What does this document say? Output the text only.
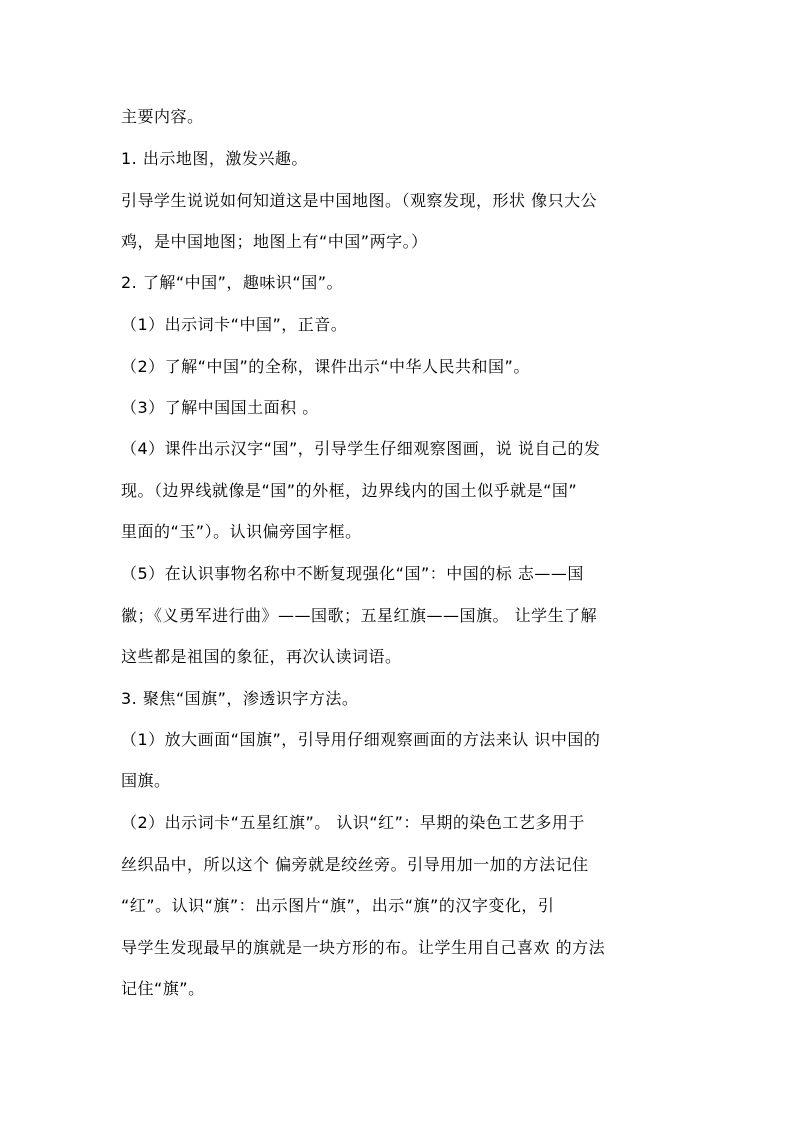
主要内容。
1. 出示地图，激发兴趣。
引导学生说说如何知道这是中国地图。（观察发现，形状 像只大公
鸡，是中国地图；地图上有“中国”两字。）
2. 了解“中国”，趣味识“国”。
（1）出示词卡“中国”，正音。
（2）了解“中国”的全称，课件出示“中华人民共和国”。
（3）了解中国国土面积 。
（4）课件出示汉字“国”，引导学生仔细观察图画，说 说自己的发
现。（边界线就像是“国”的外框，边界线内的国土似乎就是“国”
里面的“玉”）。认识偏旁国字框。
（5）在认识事物名称中不断复现强化“国”：中国的标 志——国
徽；《义勇军进行曲》——国歌；五星红旗——国旗。 让学生了解
这些都是祖国的象征，再次认读词语。
3. 聚焦“国旗”，渗透识字方法。
（1）放大画面“国旗”，引导用仔细观察画面的方法来认 识中国的
国旗。
（2）出示词卡“五星红旗”。 认识“红”：早期的染色工艺多用于
丝织品中，所以这个 偏旁就是绞丝旁。引导用加一加的方法记住
“红”。认识“旗”：出示图片“旗”，出示“旗”的汉字变化，引
导学生发现最早的旗就是一块方形的布。让学生用自己喜欢 的方法
记住“旗”。
